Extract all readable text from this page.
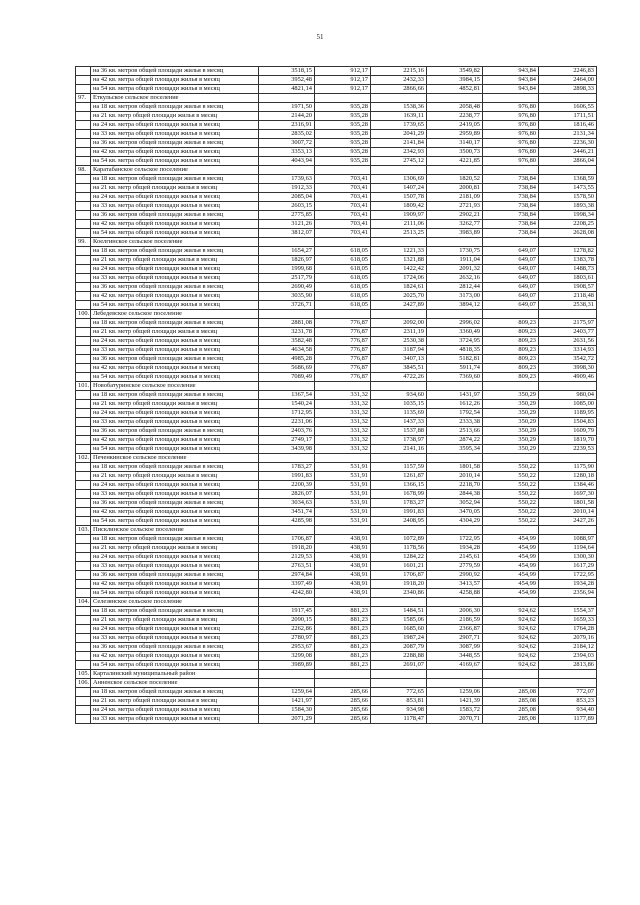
51
	на 36 кв. метров общей площади жилья в месяц	3518,15	912,17	2215,16	3549,82	943,84	2246,83
	на 42 кв. метра общей площади жилья в месяц	3952,48	912,17	2432,33	3984,15	943,84	2464,00
	на 54 кв. метра общей площади жилья в месяц	4821,14	912,17	2866,66	4852,81	943,84	2898,33
97.	Еткульское сельское поселение						
	на 18 кв. метров общей площади жилья в месяц	1971,50	935,28	1538,36	2058,48	976,80	1606,55
	на 21 кв. метр общей площади жилья в месяц	2144,20	935,28	1639,11	2238,77	976,80	1711,51
	на 24 кв. метра общей площади жилья в месяц	2316,91	935,28	1739,65	2419,05	976,80	1816,46
	на 33 кв. метра общей площади жилья в месяц	2835,02	935,28	2041,29	2959,89	976,80	2131,34
	на 36 кв. метров общей площади жилья в месяц	3007,72	935,28	2141,84	3140,17	976,80	2236,30
	на 42 кв. метра общей площади жилья в месяц	3353,13	935,28	2342,93	3500,73	976,80	2446,21
	на 54 кв. метра общей площади жилья в месяц	4043,94	935,28	2745,12	4221,85	976,80	2866,04
98.	Каратабанское сельское поселение						
	на 18 кв. метров общей площади жилья в месяц	1739,63	703,41	1306,69	1820,52	738,84	1368,59
	на 21 кв. метр общей площади жилья в месяц	1912,33	703,41	1407,24	2000,81	738,84	1473,55
	на 24 кв. метра общей площади жилья в месяц	2085,04	703,41	1507,78	2181,09	738,84	1578,50
	на 33 кв. метра общей площади жилья в месяц	2603,15	703,41	1809,42	2721,93	738,84	1893,38
	на 36 кв. метров общей площади жилья в месяц	2775,85	703,41	1909,97	2902,21	738,84	1998,34
	на 42 кв. метра общей площади жилья в месяц	3121,26	703,41	2111,06	3262,77	738,84	2208,25
	на 54 кв. метра общей площади жилья в месяц	3812,07	703,41	2513,25	3983,89	738,84	2628,08
99.	Коелгинское сельское поселение						
	на 18 кв. метров общей площади жилья в месяц	1654,27	618,05	1221,33	1730,75	649,07	1278,82
	на 21 кв. метр общей площади жилья в месяц	1826,97	618,05	1321,88	1911,04	649,07	1383,78
	на 24 кв. метра общей площади жилья в месяц	1999,68	618,05	1422,42	2091,32	649,07	1488,73
	на 33 кв. метра общей площади жилья в месяц	2517,79	618,05	1724,06	2632,16	649,07	1803,61
	на 36 кв. метров общей площади жилья в месяц	2690,49	618,05	1824,61	2812,44	649,07	1908,57
	на 42 кв. метра общей площади жилья в месяц	3035,90	618,05	2025,70	3173,00	649,07	2118,48
	на 54 кв. метра общей площади жилья в месяц	3726,71	618,05	2427,89	3894,12	649,07	2538,31
100.	Лебедевское сельское поселение						
	на 18 кв. метров общей площади жилья в месяц	2881,08	776,87	2092,00	2996,02	809,23	2175,97
	на 21 кв. метр общей площади жилья в месяц	3231,78	776,87	2311,19	3360,49	809,23	2403,77
	на 24 кв. метра общей площади жилья в месяц	3582,48	776,87	2530,38	3724,95	809,23	2631,56
	на 33 кв. метра общей площади жилья в месяц	4634,58	776,87	3187,94	4818,35	809,23	3314,93
	на 36 кв. метров общей площади жилья в месяц	4985,28	776,87	3407,13	5182,81	809,23	3542,72
	на 42 кв. метра общей площади жилья в месяц	5686,69	776,87	3845,51	5911,74	809,23	3998,30
	на 54 кв. метра общей площади жилья в месяц	7089,49	776,87	4722,26	7369,60	809,23	4909,46
101.	Новобатуринское сельское поселение						
	на 18 кв. метров общей площади жилья в месяц	1367,54	331,32	934,60	1431,97	350,29	980,04
	на 21 кв. метр общей площади жилья в месяц	1540,24	331,32	1035,15	1612,26	350,29	1085,00
	на 24 кв. метра общей площади жилья в месяц	1712,95	331,32	1135,69	1792,54	350,29	1189,95
	на 33 кв. метра общей площади жилья в месяц	2231,06	331,32	1437,33	2333,38	350,29	1504,83
	на 36 кв. метров общей площади жилья в месяц	2403,76	331,32	1537,88	2513,66	350,29	1609,79
	на 42 кв. метра общей площади жилья в месяц	2749,17	331,32	1738,97	2874,22	350,29	1819,70
	на 54 кв. метра общей площади жилья в месяц	3439,98	331,32	2141,16	3595,34	350,29	2239,53
102.	Печенкинское сельское поселение						
	на 18 кв. метров общей площади жилья в месяц	1783,27	531,91	1157,59	1801,58	550,22	1175,90
	на 21 кв. метр общей площади жилья в месяц	1991,83	531,91	1261,87	2010,14	550,22	1280,18
	на 24 кв. метра общей площади жилья в месяц	2200,39	531,91	1366,15	2218,70	550,22	1384,46
	на 33 кв. метра общей площади жилья в месяц	2826,07	531,91	1678,99	2844,38	550,22	1697,30
	на 36 кв. метров общей площади жилья в месяц	3034,63	531,91	1783,27	3052,94	550,22	1801,58
	на 42 кв. метра общей площади жилья в месяц	3451,74	531,91	1991,83	3470,05	550,22	2010,14
	на 54 кв. метра общей площади жилья в месяц	4285,98	531,91	2408,95	4304,29	550,22	2427,26
103.	Писклинское сельское поселение						
	на 18 кв. метров общей площади жилья в месяц	1706,87	438,91	1072,89	1722,95	454,99	1088,97
	на 21 кв. метр общей площади жилья в месяц	1918,20	438,91	1178,56	1934,28	454,99	1194,64
	на 24 кв. метра общей площади жилья в месяц	2129,53	438,91	1284,22	2145,61	454,99	1300,30
	на 33 кв. метра общей площади жилья в месяц	2763,51	438,91	1601,21	2779,59	454,99	1617,29
	на 36 кв. метров общей площади жилья в месяц	2974,84	438,91	1706,87	2990,92	454,99	1722,95
	на 42 кв. метра общей площади жилья в месяц	3397,49	438,91	1918,20	3413,57	454,99	1934,28
	на 54 кв. метра общей площади жилья в месяц	4242,80	438,91	2340,86	4258,88	454,99	2356,94
104.	Селезянское сельское поселение						
	на 18 кв. метров общей площади жилья в месяц	1917,45	881,23	1484,51	2006,30	924,62	1554,37
	на 21 кв. метр общей площади жилья в месяц	2090,15	881,23	1585,06	2186,59	924,62	1659,33
	на 24 кв. метра общей площади жилья в месяц	2262,86	881,23	1685,60	2366,87	924,62	1764,28
	на 33 кв. метра общей площади жилья в месяц	2780,97	881,23	1987,24	2907,71	924,62	2079,16
	на 36 кв. метров общей площади жилья в месяц	2953,67	881,23	2087,79	3087,99	924,62	2184,12
	на 42 кв. метра общей площади жилья в месяц	3299,08	881,23	2288,88	3448,55	924,62	2394,03
	на 54 кв. метра общей площади жилья в месяц	3989,89	881,23	2691,07	4169,67	924,62	2813,86
105.	Карталинский муниципальный район						
106.	Анненское сельское поселение						
	на 18 кв. метров общей площади жилья в месяц	1259,64	285,66	772,65	1259,06	285,08	772,07
	на 21 кв. метр общей площади жилья в месяц	1421,97	285,66	853,81	1421,39	285,08	853,23
	на 24 кв. метра общей площади жилья в месяц	1584,30	285,66	934,98	1583,72	285,08	934,40
	на 33 кв. метра общей площади жилья в месяц	2071,29	285,66	1178,47	2070,71	285,08	1177,89
